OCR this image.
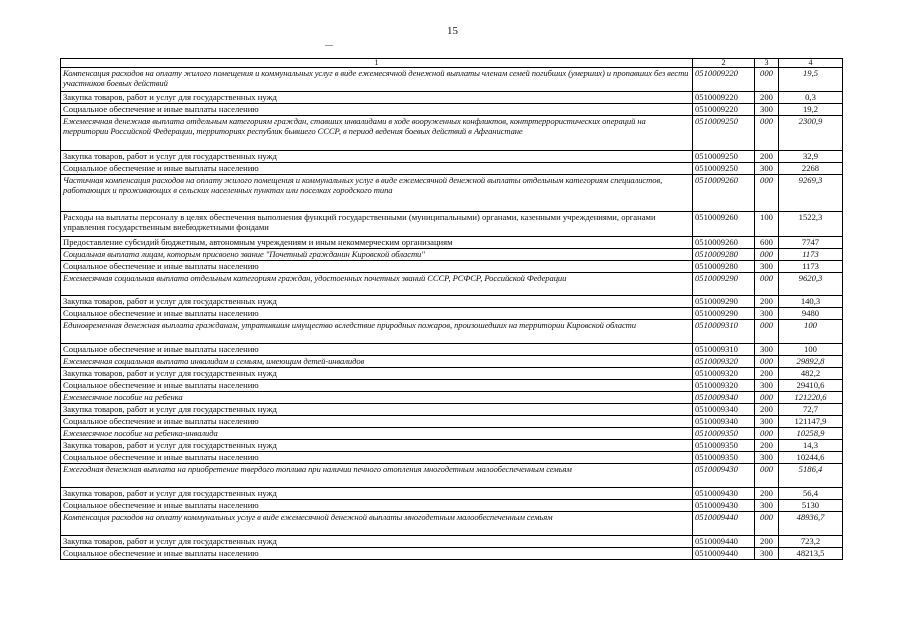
15
1	2	3	4
Компенсация расходов на оплату жилого помещения и коммунальных услуг в виде ежемесячной денежной выплаты членам семей погибших (умерших) и пропавших без вести участников боевых действий	0510009220	000	19,5
Закупка товаров, работ и услуг для государственных нужд	0510009220	200	0,3
Социальное обеспечение и иные выплаты населению	0510009220	300	19,2
Ежемесячная денежная выплата отдельным категориям граждан, ставших инвалидами в ходе вооруженных конфликтов, контртеррористических операций на территории Российской Федерации, территориях республик бывшего СССР, в период ведения боевых действий в Афганистане	0510009250	000	2300,9
Закупка товаров, работ и услуг для государственных нужд	0510009250	200	32,9
Социальное обеспечение и иные выплаты населению	0510009250	300	2268
Частичная компенсация расходов на оплату жилого помещения и коммунальных услуг в виде ежемесячной денежной выплаты отдельным категориям специалистов, работающих и проживающих в сельских населенных пунктах или поселках городского типа	0510009260	000	9269,3
Расходы на выплаты персоналу в целях обеспечения выполнения функций государственными (муниципальными) органами, казенными учреждениями, органами управления государственным внебюджетными фондами	0510009260	100	1522,3
Предоставление субсидий бюджетным, автономным учреждениям и иным некоммерческим организациям	0510009260	600	7747
Социальная выплата лицам, которым присвоено звание "Почетный гражданин Кировской области"	0510009280	000	1173
Социальное обеспечение и иные выплаты населению	0510009280	300	1173
Ежемесячная социальная выплата отдельным категориям граждан, удостоенных почетных званий СССР, РСФСР, Российской Федерации	0510009290	000	9620,3
Закупка товаров, работ и услуг для государственных нужд	0510009290	200	140,3
Социальное обеспечение и иные выплаты населению	0510009290	300	9480
Единовременная денежная выплата гражданам, утратившим имущество вследствие природных пожаров, произошедших на территории Кировской области	0510009310	000	100
Социальное обеспечение и иные выплаты населению	0510009310	300	100
Ежемесячная социальная выплата инвалидам и семьям, имеющим детей-инвалидов	0510009320	000	29892,8
Закупка товаров, работ и услуг для государственных нужд	0510009320	200	482,2
Социальное обеспечение и иные выплаты населению	0510009320	300	29410,6
Ежемесячное пособие на ребенка	0510009340	000	121220,6
Закупка товаров, работ и услуг для государственных нужд	0510009340	200	72,7
Социальное обеспечение и иные выплаты населению	0510009340	300	121147,9
Ежемесячное пособие на ребенка-инвалида	0510009350	000	10258,9
Закупка товаров, работ и услуг для государственных нужд	0510009350	200	14,3
Социальное обеспечение и иные выплаты населению	0510009350	300	10244,6
Ежегодная денежная выплата на приобретение твердого топлива при наличии печного отопления многодетным малообеспеченным семьям	0510009430	000	5186,4
Закупка товаров, работ и услуг для государственных нужд	0510009430	200	56,4
Социальное обеспечение и иные выплаты населению	0510009430	300	5130
Компенсация расходов на оплату коммунальных услуг в виде ежемесячной денежной выплаты многодетным малообеспеченным семьям	0510009440	000	48936,7
Закупка товаров, работ и услуг для государственных нужд	0510009440	200	723,2
Социальное обеспечение и иные выплаты населению	0510009440	300	48213,5
